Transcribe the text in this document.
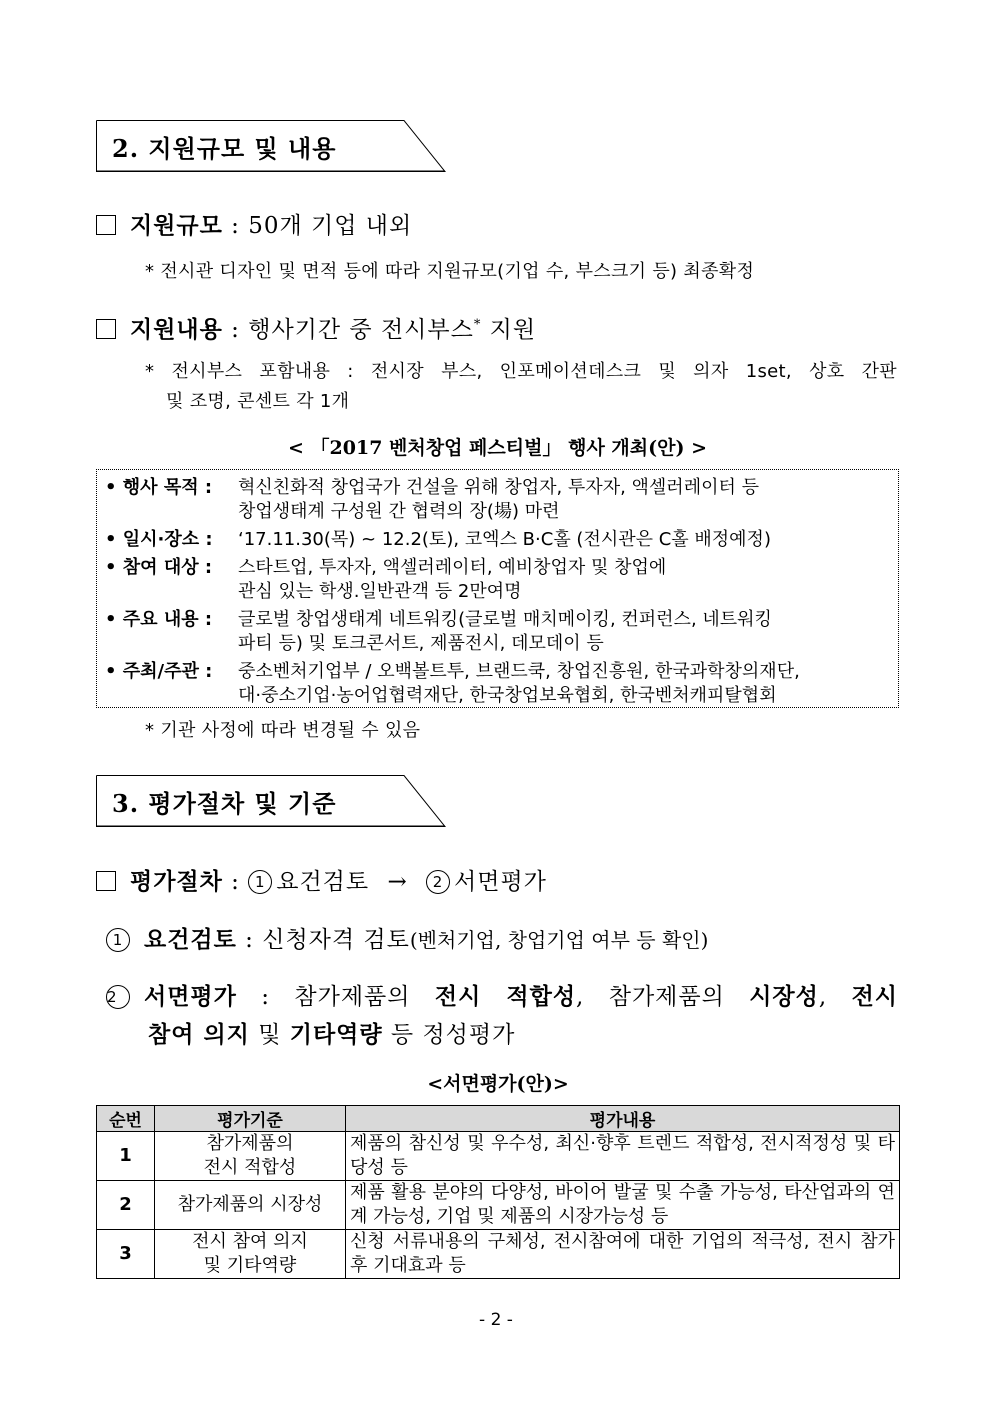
2. 지원규모 및 내용
지원규모 : 50개 기업 내외
* 전시관 디자인 및 면적 등에 따라 지원규모(기업 수, 부스크기 등) 최종확정
지원내용 : 행사기간 중 전시부스* 지원
* 전시부스 포함내용 : 전시장 부스, 인포메이션데스크 및 의자 1set, 상호 간판
및 조명, 콘센트 각 1개
< 「2017 벤처창업 페스티벌」 행사 개최(안) >
• 행사 목적 : 혁신친화적 창업국가 건설을 위해 창업자, 투자자, 액셀러레이터 등
창업생태계 구성원 간 협력의 장(場) 마련
• 일시·장소 : ‘17.11.30(목) ~ 12.2(토), 코엑스 B·C홀 (전시관은 C홀 배정예정)
• 참여 대상 : 스타트업, 투자자, 액셀러레이터, 예비창업자 및 창업에
관심 있는 학생.일반관객 등 2만여명
• 주요 내용 : 글로벌 창업생태계 네트워킹(글로벌 매치메이킹, 컨퍼런스, 네트워킹
파티 등) 및 토크콘서트, 제품전시, 데모데이 등
• 주최/주관 : 중소벤처기업부 / 오백볼트투, 브랜드쿡, 창업진흥원, 한국과학창의재단,
대·중소기업·농어업협력재단, 한국창업보육협회, 한국벤처캐피탈협회
* 기관 사정에 따라 변경될 수 있음
3. 평가절차 및 기준
평가절차 : 1 요건검토 → 2 서면평가
1 요건검토 : 신청자격 검토(벤처기업, 창업기업 여부 등 확인)
2 서면평가 : 참가제품의 전시 적합성, 참가제품의 시장성, 전시
참여 의지 및 기타역량 등 정성평가
<서면평가(안)>
순번	평가기준	평가내용
1	참가제품의
전시 적합성	제품의 참신성 및 우수성, 최신·향후 트렌드 적합성, 전시적정성 및 타당성 등
2	참가제품의 시장성	제품 활용 분야의 다양성, 바이어 발굴 및 수출 가능성, 타산업과의 연계 가능성, 기업 및 제품의 시장가능성 등
3	전시 참여 의지
및 기타역량	신청 서류내용의 구체성, 전시참여에 대한 기업의 적극성, 전시 참가 후 기대효과 등
- 2 -
